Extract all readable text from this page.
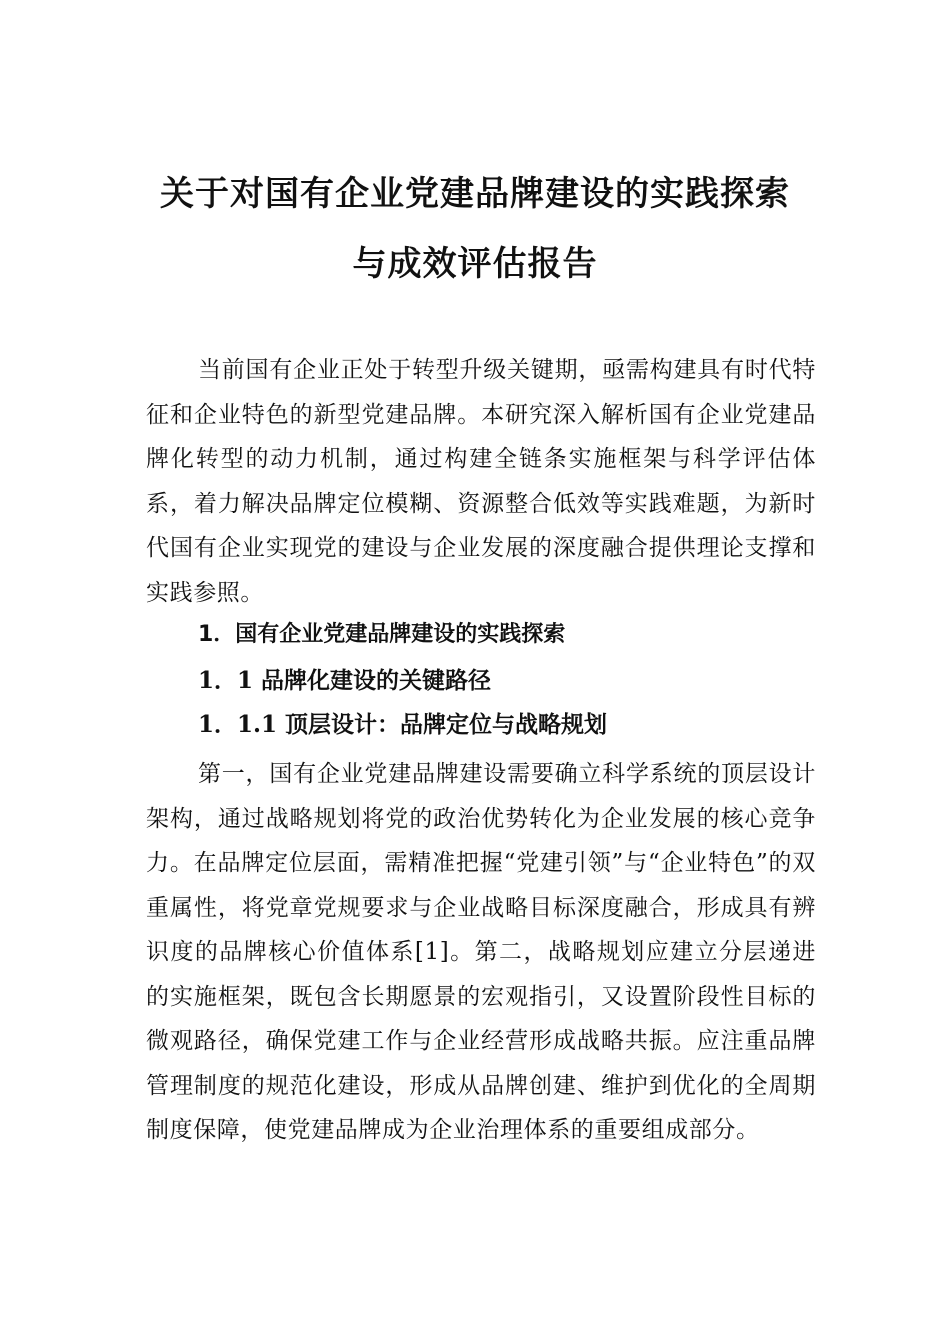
关于对国有企业党建品牌建设的实践探索
与成效评估报告

当前国有企业正处于转型升级关键期，亟需构建具有时代特征和企业特色的新型党建品牌。本研究深入解析国有企业党建品牌化转型的动力机制，通过构建全链条实施框架与科学评估体系，着力解决品牌定位模糊、资源整合低效等实践难题，为新时代国有企业实现党的建设与企业发展的深度融合提供理论支撑和实践参照。

1．国有企业党建品牌建设的实践探索
1．1 品牌化建设的关键路径
1．1.1 顶层设计：品牌定位与战略规划

第一，国有企业党建品牌建设需要确立科学系统的顶层设计架构，通过战略规划将党的政治优势转化为企业发展的核心竞争力。在品牌定位层面，需精准把握“党建引领”与“企业特色”的双重属性，将党章党规要求与企业战略目标深度融合，形成具有辨识度的品牌核心价值体系[1]。第二，战略规划应建立分层递进的实施框架，既包含长期愿景的宏观指引，又设置阶段性目标的微观路径，确保党建工作与企业经营形成战略共振。应注重品牌管理制度的规范化建设，形成从品牌创建、维护到优化的全周期制度保障，使党建品牌成为企业治理体系的重要组成部分。
